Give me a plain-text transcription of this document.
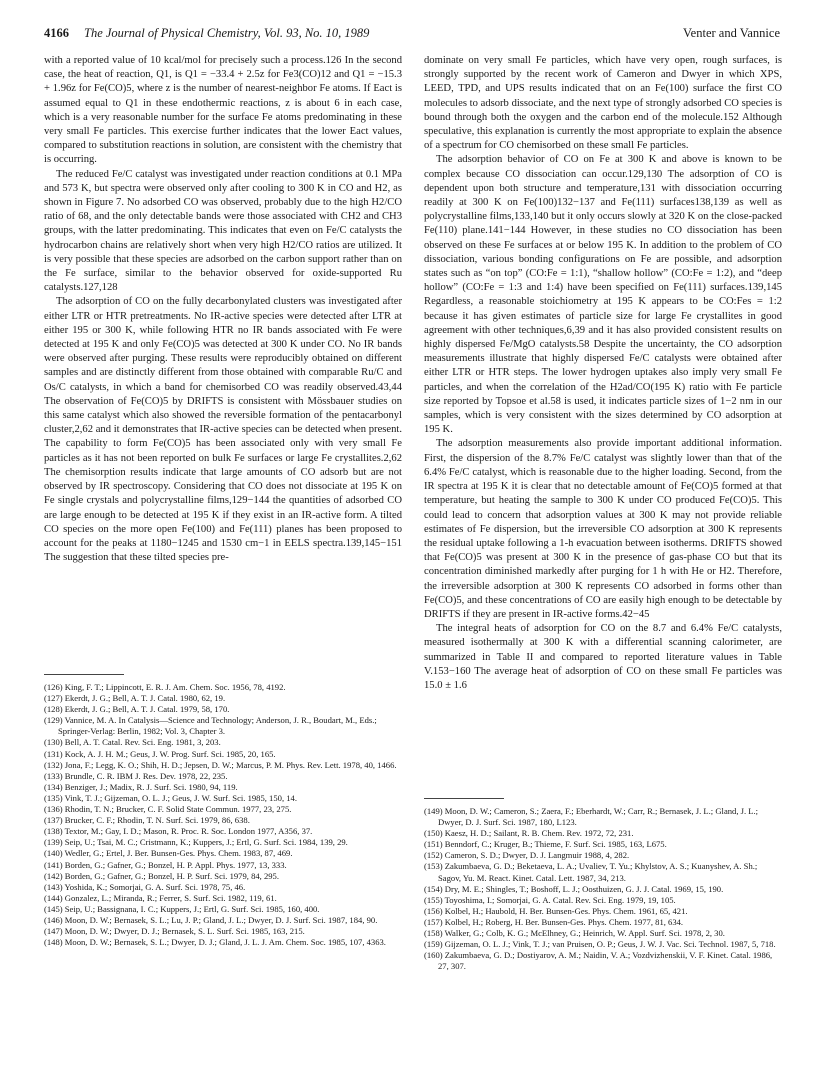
4166 The Journal of Physical Chemistry, Vol. 93, No. 10, 1989	Venter and Vannice

with a reported value of 10 kcal/mol for precisely such a process.126 In the second case, the heat of reaction, Q1, is Q1 = −33.4 + 2.5z for Fe3(CO)12 and Q1 = −15.3 + 1.96z for Fe(CO)5, where z is the number of nearest-neighbor Fe atoms. If Eact is assumed equal to Q1 in these endothermic reactions, z is about 6 in each case, which is a very reasonable number for the surface Fe atoms predominating in these very small Fe particles. This exercise further indicates that the lower Eact values, compared to substitution reactions in solution, are consistent with the chemistry that is occurring.

The reduced Fe/C catalyst was investigated under reaction conditions at 0.1 MPa and 573 K, but spectra were observed only after cooling to 300 K in CO and H2, as shown in Figure 7. No adsorbed CO was observed, probably due to the high H2/CO ratio of 68, and the only detectable bands were those associated with CH2 and CH3 groups, with the latter predominating. This indicates that even on Fe/C catalysts the hydrocarbon chains are relatively short when very high H2/CO ratios are utilized. It is very possible that these species are adsorbed on the carbon support rather than on the Fe surface, similar to the behavior observed for oxide-supported Ru catalysts.127,128

The adsorption of CO on the fully decarbonylated clusters was investigated after either LTR or HTR pretreatments. No IR-active species were detected after LTR at either 195 or 300 K, while following HTR no IR bands associated with Fe were detected at 195 K and only Fe(CO)5 was detected at 300 K under CO. No IR bands were observed after purging. These results were reproducibly obtained on different samples and are distinctly different from those obtained with comparable Ru/C and Os/C catalysts, in which a band for chemisorbed CO was readily observed.43,44 The observation of Fe(CO)5 by DRIFTS is consistent with Mössbauer studies on this same catalyst which also showed the reversible formation of the pentacarbonyl cluster,2,62 and it demonstrates that IR-active species can be detected when present. The capability to form Fe(CO)5 has been associated only with very small Fe particles as it has not been reported on bulk Fe surfaces or large Fe crystallites.2,62 The chemisorption results indicate that large amounts of CO adsorb but are not observed by IR spectroscopy. Considering that CO does not dissociate at 195 K on Fe single crystals and polycrystalline films,129−144 the quantities of adsorbed CO are large enough to be detected at 195 K if they exist in an IR-active form. A tilted CO species on the more open Fe(100) and Fe(111) planes has been proposed to account for the peaks at 1180−1245 and 1530 cm−1 in EELS spectra.139,145−151 The suggestion that these tilted species pre-

(126) King, F. T.; Lippincott, E. R. J. Am. Chem. Soc. 1956, 78, 4192.
(127) Ekerdt, J. G.; Bell, A. T. J. Catal. 1980, 62, 19.
(128) Ekerdt, J. G.; Bell, A. T. J. Catal. 1979, 58, 170.
(129) Vannice, M. A. In Catalysis—Science and Technology; Anderson, J. R., Boudart, M., Eds.; Springer-Verlag: Berlin, 1982; Vol. 3, Chapter 3.
(130) Bell, A. T. Catal. Rev. Sci. Eng. 1981, 3, 203.
(131) Kock, A. J. H. M.; Geus, J. W. Prog. Surf. Sci. 1985, 20, 165.
(132) Jona, F.; Legg, K. O.; Shih, H. D.; Jepsen, D. W.; Marcus, P. M. Phys. Rev. Lett. 1978, 40, 1466.
(133) Brundle, C. R. IBM J. Res. Dev. 1978, 22, 235.
(134) Benziger, J.; Madix, R. J. Surf. Sci. 1980, 94, 119.
(135) Vink, T. J.; Gijzeman, O. L. J.; Geus, J. W. Surf. Sci. 1985, 150, 14.
(136) Rhodin, T. N.; Brucker, C. F. Solid State Commun. 1977, 23, 275.
(137) Brucker, C. F.; Rhodin, T. N. Surf. Sci. 1979, 86, 638.
(138) Textor, M.; Gay, I. D.; Mason, R. Proc. R. Soc. London 1977, A356, 37.
(139) Seip, U.; Tsai, M. C.; Cristmann, K.; Kuppers, J.; Ertl, G. Surf. Sci. 1984, 139, 29.
(140) Wedler, G.; Ertel, J. Ber. Bunsen-Ges. Phys. Chem. 1983, 87, 469.
(141) Borden, G.; Gafner, G.; Bonzel, H. P. Appl. Phys. 1977, 13, 333.
(142) Borden, G.; Gafner, G.; Bonzel, H. P. Surf. Sci. 1979, 84, 295.
(143) Yoshida, K.; Somorjai, G. A. Surf. Sci. 1978, 75, 46.
(144) Gonzalez, L.; Miranda, R.; Ferrer, S. Surf. Sci. 1982, 119, 61.
(145) Seip, U.; Bassignana, I. C.; Kuppers, J.; Ertl, G. Surf. Sci. 1985, 160, 400.
(146) Moon, D. W.; Bernasek, S. L.; Lu, J. P.; Gland, J. L.; Dwyer, D. J. Surf. Sci. 1987, 184, 90.
(147) Moon, D. W.; Dwyer, D. J.; Bernasek, S. L. Surf. Sci. 1985, 163, 215.
(148) Moon, D. W.; Bernasek, S. L.; Dwyer, D. J.; Gland, J. L. J. Am. Chem. Soc. 1985, 107, 4363.

dominate on very small Fe particles, which have very open, rough surfaces, is strongly supported by the recent work of Cameron and Dwyer in which XPS, LEED, TPD, and UPS results indicated that on an Fe(100) surface the first CO molecules to adsorb dissociate, and the next type of strongly adsorbed CO species is bound through both the oxygen and the carbon end of the molecule.152 Although speculative, this explanation is currently the most appropriate to explain the absence of a spectrum for CO chemisorbed on these small Fe particles.

The adsorption behavior of CO on Fe at 300 K and above is known to be complex because CO dissociation can occur.129,130 The adsorption of CO is dependent upon both structure and temperature,131 with dissociation occurring readily at 300 K on Fe(100)132−137 and Fe(111) surfaces138,139 as well as polycrystalline films,133,140 but it only occurs slowly at 320 K on the close-packed Fe(110) plane.141−144 However, in these studies no CO dissociation has been observed on these Fe surfaces at or below 195 K. In addition to the problem of CO dissociation, various bonding configurations on Fe are possible, and adsorption states such as “on top” (CO:Fe = 1:1), “shallow hollow” (CO:Fe = 1:2), and “deep hollow” (CO:Fe = 1:3 and 1:4) have been specified on Fe(111) surfaces.139,145 Regardless, a reasonable stoichiometry at 195 K appears to be CO:Fes = 1:2 because it has given estimates of particle size for large Fe crystallites in good agreement with other techniques,6,39 and it has also provided consistent results on highly dispersed Fe/MgO catalysts.58 Despite the uncertainty, the CO adsorption measurements illustrate that highly dispersed Fe/C catalysts were obtained after either LTR or HTR steps. The lower hydrogen uptakes also imply very small Fe particles, and when the correlation of the H2ad/CO(195 K) ratio with Fe particle size reported by Topsoe et al.58 is used, it indicates particle sizes of 1−2 nm in our samples, which is very consistent with the sizes determined by CO adsorption at 195 K.

The adsorption measurements also provide important additional information. First, the dispersion of the 8.7% Fe/C catalyst was slightly lower than that of the 6.4% Fe/C catalyst, which is reasonable due to the higher loading. Second, from the IR spectra at 195 K it is clear that no detectable amount of Fe(CO)5 formed at that temperature, but heating the sample to 300 K under CO produced Fe(CO)5. This could lead to concern that adsorption values at 300 K may not provide reliable estimates of Fe dispersion, but the irreversible CO adsorption at 300 K represents the residual uptake following a 1-h evacuation between isotherms. DRIFTS showed that Fe(CO)5 was present at 300 K in the presence of gas-phase CO but that its concentration diminished markedly after purging for 1 h with He or H2. Therefore, the irreversible adsorption at 300 K represents CO adsorbed in forms other than Fe(CO)5, and these concentrations of CO are easily high enough to be detectable by DRIFTS if they are present in IR-active forms.42−45

The integral heats of adsorption for CO on the 8.7 and 6.4% Fe/C catalysts, measured isothermally at 300 K with a differential scanning calorimeter, are summarized in Table II and compared to reported literature values in Table V.153−160 The average heat of adsorption of CO on these small Fe particles was 15.0 ± 1.6

(149) Moon, D. W.; Cameron, S.; Zaera, F.; Eberhardt, W.; Carr, R.; Bernasek, J. L.; Gland, J. L.; Dwyer, D. J. Surf. Sci. 1987, 180, L123.
(150) Kaesz, H. D.; Sailant, R. B. Chem. Rev. 1972, 72, 231.
(151) Benndorf, C.; Kruger, B.; Thieme, F. Surf. Sci. 1985, 163, L675.
(152) Cameron, S. D.; Dwyer, D. J. Langmuir 1988, 4, 282.
(153) Zakumbaeva, G. D.; Beketaeva, L. A.; Uvaliev, T. Yu.; Khylstov, A. S.; Kuanyshev, A. Sh.; Sagov, Yu. M. React. Kinet. Catal. Lett. 1987, 34, 213.
(154) Dry, M. E.; Shingles, T.; Boshoff, L. J.; Oosthuizen, G. J. J. Catal. 1969, 15, 190.
(155) Toyoshima, I.; Somorjai, G. A. Catal. Rev. Sci. Eng. 1979, 19, 105.
(156) Kolbel, H.; Haubold, H. Ber. Bunsen-Ges. Phys. Chem. 1961, 65, 421.
(157) Kolbel, H.; Roberg, H. Ber. Bunsen-Ges. Phys. Chem. 1977, 81, 634.
(158) Walker, G.; Colb, K. G.; McElhney, G.; Heinrich, W. Appl. Surf. Sci. 1978, 2, 30.
(159) Gijzeman, O. L. J.; Vink, T. J.; van Pruisen, O. P.; Geus, J. W. J. Vac. Sci. Technol. 1987, 5, 718.
(160) Zakumbaeva, G. D.; Dostiyarov, A. M.; Naidin, V. A.; Vozdvizhenskii, V. F. Kinet. Catal. 1986, 27, 307.
